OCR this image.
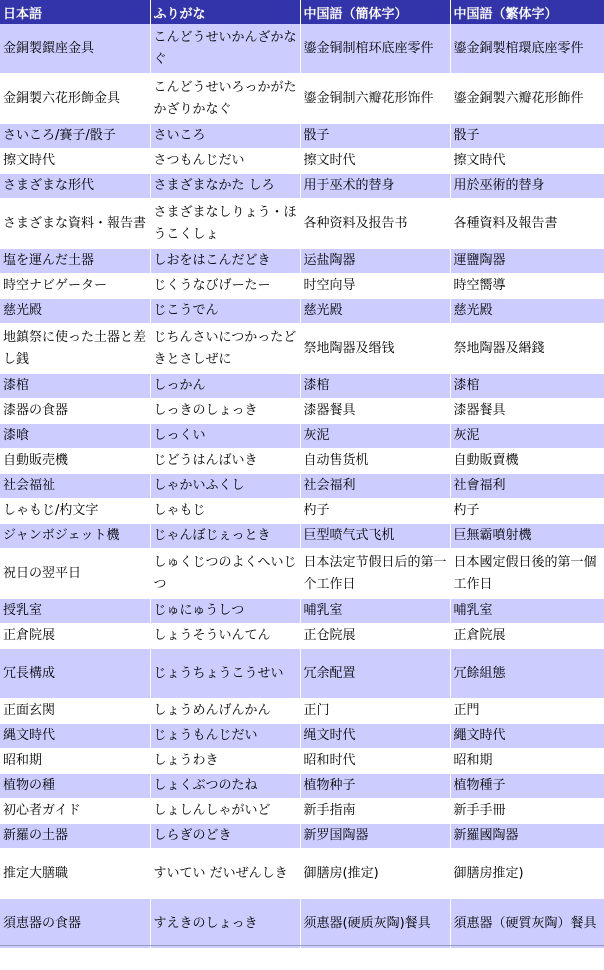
日本語	ふりがな	中国語（簡体字）	中国語（繁体字）
金銅製鐶座金具	こんどうせいかんざかなぐ	鎏金铜制棺环底座零件	鎏金銅製棺環底座零件
金銅製六花形飾金具	こんどうせいろっかがたかざりかなぐ	鎏金铜制六瓣花形饰件	鎏金銅製六瓣花形飾件
さいころ/賽子/骰子	さいころ	骰子	骰子
擦文時代	さつもんじだい	擦文时代	擦文時代
さまざまな形代	さまざまなかた しろ	用于巫术的替身	用於巫術的替身
さまざまな資料・報告書	さまざまなしりょう・ほうこくしょ	各种资料及报告书	各種資料及報告書
塩を運んだ土器	しおをはこんだどき	运盐陶器	運鹽陶器
時空ナビゲーター	じくうなびげーたー	时空向导	時空嚮導
慈光殿	じこうでん	慈光殿	慈光殿
地鎮祭に使った土器と差し銭	じちんさいにつかったどきとさしぜに	祭地陶器及缗钱	祭地陶器及緡錢
漆棺	しっかん	漆棺	漆棺
漆器の食器	しっきのしょっき	漆器餐具	漆器餐具
漆喰	しっくい	灰泥	灰泥
自動販売機	じどうはんばいき	自动售货机	自動販賣機
社会福祉	しゃかいふくし	社会福利	社會福利
しゃもじ/杓文字	しゃもじ	杓子	杓子
ジャンボジェット機	じゃんぼじぇっとき	巨型喷气式飞机	巨無霸噴射機
祝日の翌平日	しゅくじつのよくへいじつ	日本法定节假日后的第一个工作日	日本國定假日後的第一個工作日
授乳室	じゅにゅうしつ	哺乳室	哺乳室
正倉院展	しょうそういんてん	正仓院展	正倉院展
冗長構成	じょうちょうこうせい	冗余配置	冗餘組態
正面玄関	しょうめんげんかん	正门	正門
縄文時代	じょうもんじだい	绳文时代	繩文時代
昭和期	しょうわき	昭和时代	昭和期
植物の種	しょくぶつのたね	植物种子	植物種子
初心者ガイド	しょしんしゃがいど	新手指南	新手手冊
新羅の土器	しらぎのどき	新罗国陶器	新羅國陶器
推定大膳職	すいてい だいぜんしき	御膳房(推定)	御膳房推定)
須恵器の食器	すえきのしょっき	须惠器(硬质灰陶)餐具	須惠器（硬質灰陶）餐具
